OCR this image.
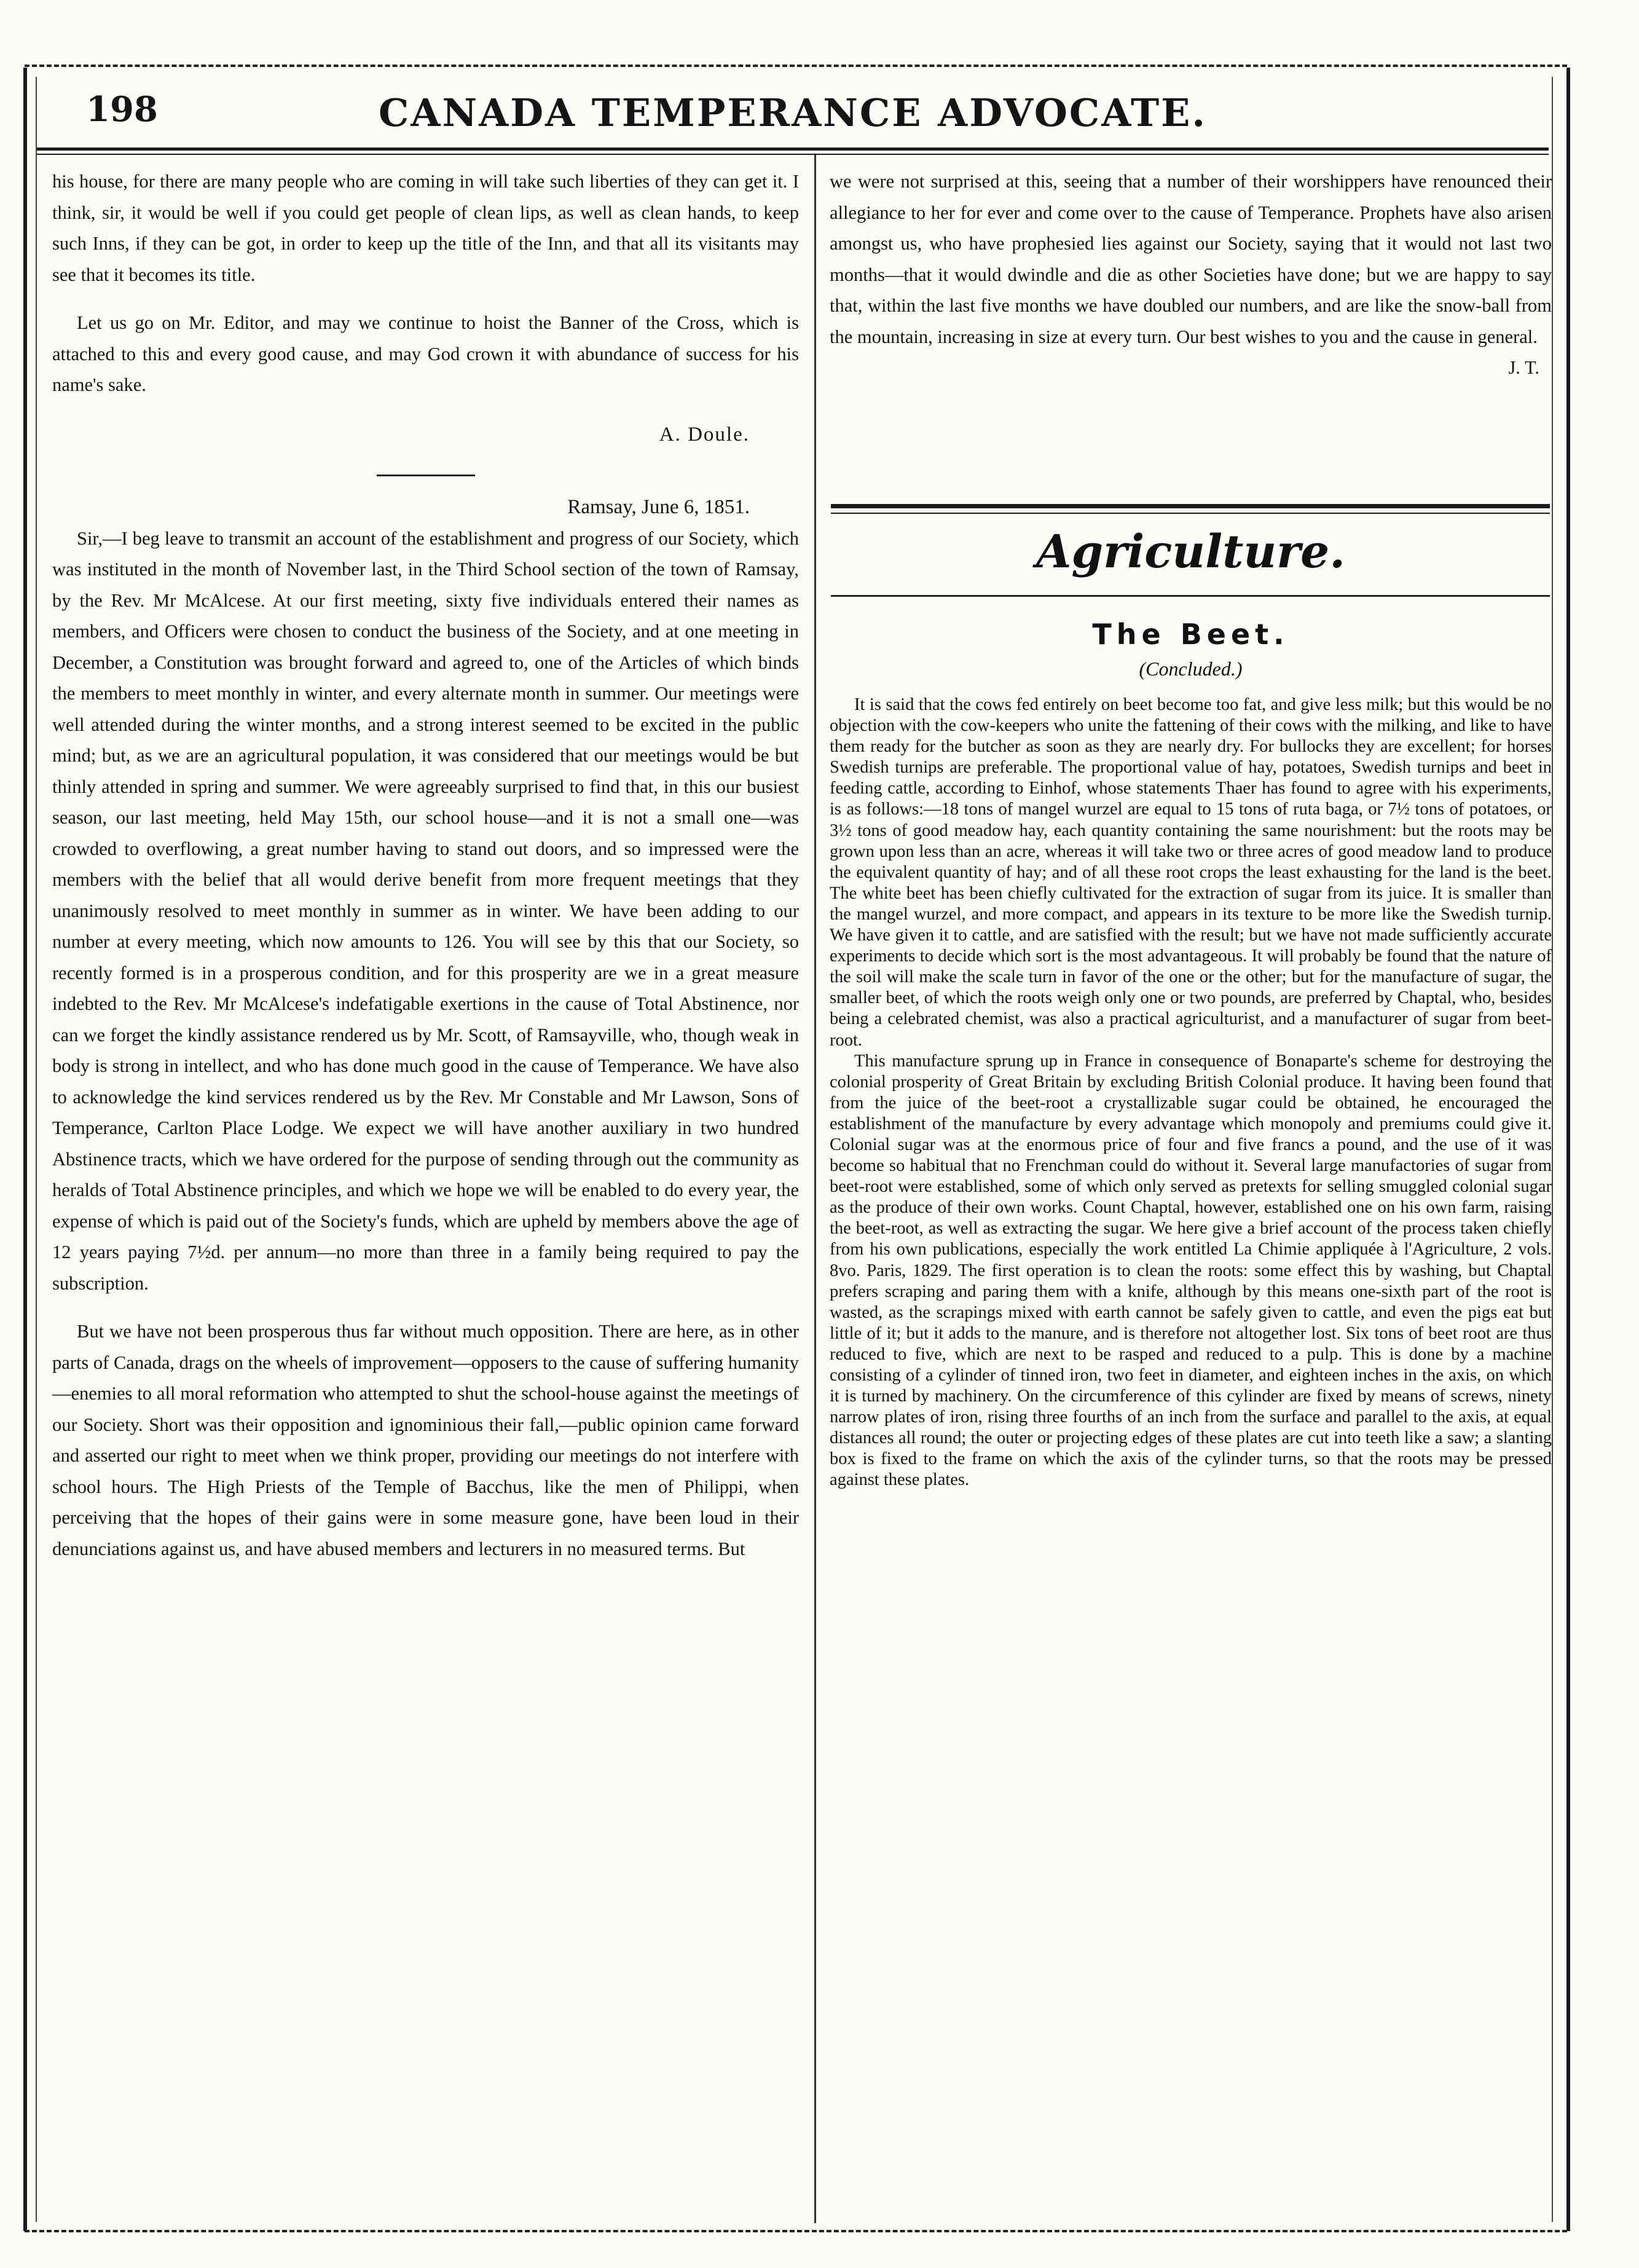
198	CANADA TEMPERANCE ADVOCATE.

his house, for there are many people who are coming in will take such liberties of they can get it. I think, sir, it would be well if you could get people of clean lips, as well as clean hands, to keep such Inns, if they can be got, in order to keep up the title of the Inn, and that all its visitants may see that it becomes its title.

Let us go on Mr. Editor, and may we continue to hoist the Banner of the Cross, which is attached to this and every good cause, and may God crown it with abundance of success for his name's sake.

A. Doule.

Ramsay, June 6, 1851.

Sir,—I beg leave to transmit an account of the establishment and progress of our Society, which was instituted in the month of November last, in the Third School section of the town of Ramsay, by the Rev. Mr McAlcese. At our first meeting, sixty five individuals entered their names as members, and Officers were chosen to conduct the business of the Society, and at one meeting in December, a Constitution was brought forward and agreed to, one of the Articles of which binds the members to meet monthly in winter, and every alternate month in summer. Our meetings were well attended during the winter months, and a strong interest seemed to be excited in the public mind; but, as we are an agricultural population, it was considered that our meetings would be but thinly attended in spring and summer. We were agreeably surprised to find that, in this our busiest season, our last meeting, held May 15th, our school house—and it is not a small one—was crowded to overflowing, a great number having to stand out doors, and so impressed were the members with the belief that all would derive benefit from more frequent meetings that they unanimously resolved to meet monthly in summer as in winter. We have been adding to our number at every meeting, which now amounts to 126. You will see by this that our Society, so recently formed is in a prosperous condition, and for this prosperity are we in a great measure indebted to the Rev. Mr McAlcese's indefatigable exertions in the cause of Total Abstinence, nor can we forget the kindly assistance rendered us by Mr. Scott, of Ramsayville, who, though weak in body is strong in intellect, and who has done much good in the cause of Temperance. We have also to acknowledge the kind services rendered us by the Rev. Mr Constable and Mr Lawson, Sons of Temperance, Carlton Place Lodge. We expect we will have another auxiliary in two hundred Abstinence tracts, which we have ordered for the purpose of sending through out the community as heralds of Total Abstinence principles, and which we hope we will be enabled to do every year, the expense of which is paid out of the Society's funds, which are upheld by members above the age of 12 years paying 7½d. per annum—no more than three in a family being required to pay the subscription.

But we have not been prosperous thus far without much opposition. There are here, as in other parts of Canada, drags on the wheels of improvement—opposers to the cause of suffering humanity—enemies to all moral reformation who attempted to shut the school-house against the meetings of our Society. Short was their opposition and ignominious their fall,—public opinion came forward and asserted our right to meet when we think proper, providing our meetings do not interfere with school hours. The High Priests of the Temple of Bacchus, like the men of Philippi, when perceiving that the hopes of their gains were in some measure gone, have been loud in their denunciations against us, and have abused members and lecturers in no measured terms. But

we were not surprised at this, seeing that a number of their worshippers have renounced their allegiance to her for ever and come over to the cause of Temperance. Prophets have also arisen amongst us, who have prophesied lies against our Society, saying that it would not last two months—that it would dwindle and die as other Societies have done; but we are happy to say that, within the last five months we have doubled our numbers, and are like the snow-ball from the mountain, increasing in size at every turn. Our best wishes to you and the cause in general.

J. T.

Agriculture.
The Beet.
(Concluded.)

It is said that the cows fed entirely on beet become too fat, and give less milk; but this would be no objection with the cow-keepers who unite the fattening of their cows with the milking, and like to have them ready for the butcher as soon as they are nearly dry. For bullocks they are excellent; for horses Swedish turnips are preferable. The proportional value of hay, potatoes, Swedish turnips and beet in feeding cattle, according to Einhof, whose statements Thaer has found to agree with his experiments, is as follows:—18 tons of mangel wurzel are equal to 15 tons of ruta baga, or 7½ tons of potatoes, or 3½ tons of good meadow hay, each quantity containing the same nourishment: but the roots may be grown upon less than an acre, whereas it will take two or three acres of good meadow land to produce the equivalent quantity of hay; and of all these root crops the least exhausting for the land is the beet. The white beet has been chiefly cultivated for the extraction of sugar from its juice. It is smaller than the mangel wurzel, and more compact, and appears in its texture to be more like the Swedish turnip. We have given it to cattle, and are satisfied with the result; but we have not made sufficiently accurate experiments to decide which sort is the most advantageous. It will probably be found that the nature of the soil will make the scale turn in favor of the one or the other; but for the manufacture of sugar, the smaller beet, of which the roots weigh only one or two pounds, are preferred by Chaptal, who, besides being a celebrated chemist, was also a practical agriculturist, and a manufacturer of sugar from beet-root.

This manufacture sprung up in France in consequence of Bonaparte's scheme for destroying the colonial prosperity of Great Britain by excluding British Colonial produce. It having been found that from the juice of the beet-root a crystallizable sugar could be obtained, he encouraged the establishment of the manufacture by every advantage which monopoly and premiums could give it. Colonial sugar was at the enormous price of four and five francs a pound, and the use of it was become so habitual that no Frenchman could do without it. Several large manufactories of sugar from beet-root were established, some of which only served as pretexts for selling smuggled colonial sugar as the produce of their own works. Count Chaptal, however, established one on his own farm, raising the beet-root, as well as extracting the sugar. We here give a brief account of the process taken chiefly from his own publications, especially the work entitled La Chimie appliquée à l'Agriculture, 2 vols. 8vo. Paris, 1829. The first operation is to clean the roots: some effect this by washing, but Chaptal prefers scraping and paring them with a knife, although by this means one-sixth part of the root is wasted, as the scrapings mixed with earth cannot be safely given to cattle, and even the pigs eat but little of it; but it adds to the manure, and is therefore not altogether lost. Six tons of beet root are thus reduced to five, which are next to be rasped and reduced to a pulp. This is done by a machine consisting of a cylinder of tinned iron, two feet in diameter, and eighteen inches in the axis, on which it is turned by machinery. On the circumference of this cylinder are fixed by means of screws, ninety narrow plates of iron, rising three fourths of an inch from the surface and parallel to the axis, at equal distances all round; the outer or projecting edges of these plates are cut into teeth like a saw; a slanting box is fixed to the frame on which the axis of the cylinder turns, so that the roots may be pressed against these plates.
